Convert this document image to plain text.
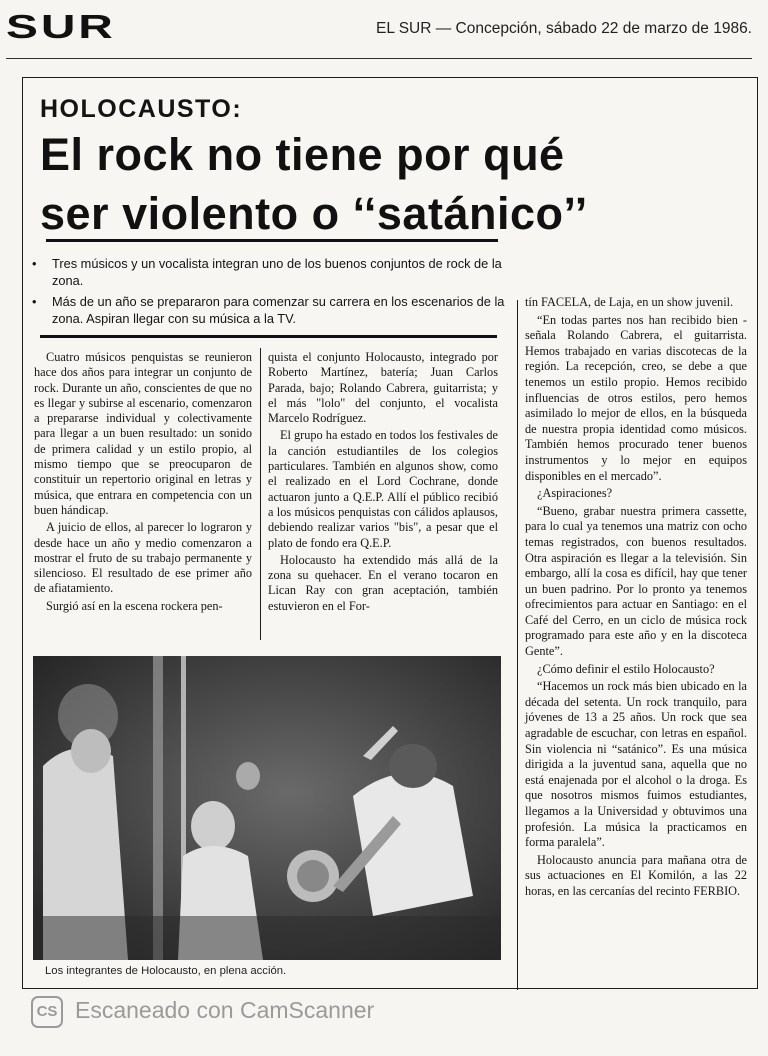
SUR	EL SUR — Concepción, sábado 22 de marzo de 1986.
HOLOCAUSTO:
El rock no tiene por qué
ser violento o ‘‘satánico’’
• Tres músicos y un vocalista integran uno de los buenos conjuntos de rock de la zona.
• Más de un año se prepararon para comenzar su carrera en los escenarios de la zona. Aspiran llegar con su música a la TV.

Cuatro músicos penquistas se reunieron hace dos años para integrar un conjunto de rock. Durante un año, conscientes de que no es llegar y subirse al escenario, comenzaron a prepararse individual y colectivamente para llegar a un buen resultado: un sonido de primera calidad y un estilo propio, al mismo tiempo que se preocuparon de constituir un repertorio original en letras y música, que entrara en competencia con un buen hándicap.

A juicio de ellos, al parecer lo lograron y desde hace un año y medio comenzaron a mostrar el fruto de su trabajo permanente y silencioso. El resultado de ese primer año de afiatamiento.

Surgió así en la escena rockera pen-

quista el conjunto Holocausto, integrado por Roberto Martínez, batería; Juan Carlos Parada, bajo; Rolando Cabrera, guitarrista; y el más "lolo" del conjunto, el vocalista Marcelo Rodríguez.

El grupo ha estado en todos los festivales de la canción estudiantiles de los colegios particulares. También en algunos show, como el realizado en el Lord Cochrane, donde actuaron junto a Q.E.P. Allí el público recibió a los músicos penquistas con cálidos aplausos, debiendo realizar varios "bis", a pesar que el plato de fondo era Q.E.P.

Holocausto ha extendido más allá de la zona su quehacer. En el verano tocaron en Lican Ray con gran aceptación, también estuvieron en el For-

tín FACELA, de Laja, en un show juvenil.

“En todas partes nos han recibido bien -señala Rolando Cabrera, el guitarrista. Hemos trabajado en varias discotecas de la región. La recepción, creo, se debe a que tenemos un estilo propio. Hemos recibido influencias de otros estilos, pero hemos asimilado lo mejor de ellos, en la búsqueda de nuestra propia identidad como músicos. También hemos procurado tener buenos instrumentos y lo mejor en equipos disponibles en el mercado”.

¿Aspiraciones?

“Bueno, grabar nuestra primera cassette, para lo cual ya tenemos una matriz con ocho temas registrados, con buenos resultados. Otra aspiración es llegar a la televisión. Sin embargo, allí la cosa es difícil, hay que tener un buen padrino. Por lo pronto ya tenemos ofrecimientos para actuar en Santiago: en el Café del Cerro, en un ciclo de música rock programado para este año y en la discoteca Gente”.

¿Cómo definir el estilo Holocausto?

“Hacemos un rock más bien ubicado en la década del setenta. Un rock tranquilo, para jóvenes de 13 a 25 años. Un rock que sea agradable de escuchar, con letras en español. Sin violencia ni “satánico”. Es una música dirigida a la juventud sana, aquella que no está enajenada por el alcohol o la droga. Es que nosotros mismos fuimos estudiantes, llegamos a la Universidad y obtuvimos una profesión. La música la practicamos en forma paralela”.

Holocausto anuncia para mañana otra de sus actuaciones en El Komilón, a las 22 horas, en las cercanías del recinto FERBIO.

Los integrantes de Holocausto, en plena acción.
CS Escaneado con CamScanner
